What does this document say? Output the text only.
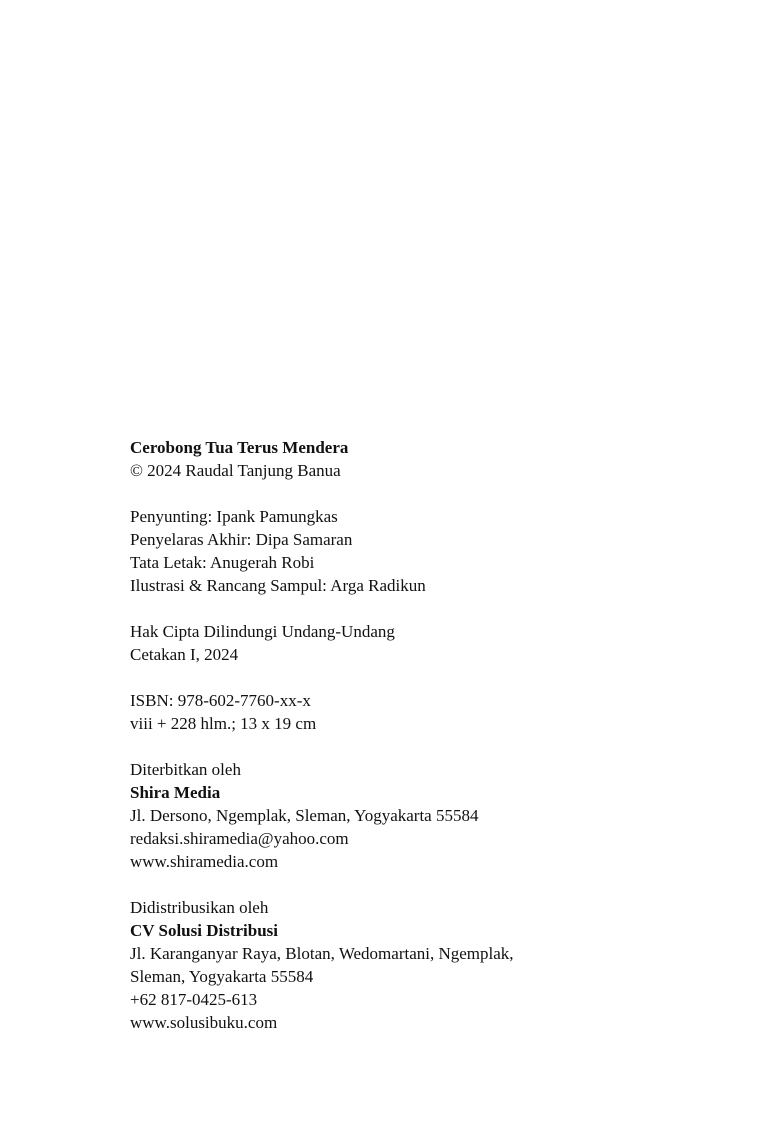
Cerobong Tua Terus Mendera
© 2024 Raudal Tanjung Banua
Penyunting: Ipank Pamungkas
Penyelaras Akhir: Dipa Samaran
Tata Letak: Anugerah Robi
Ilustrasi & Rancang Sampul: Arga Radikun
Hak Cipta Dilindungi Undang-Undang
Cetakan I, 2024
ISBN: 978-602-7760-xx-x
viii + 228 hlm.; 13 x 19 cm
Diterbitkan oleh
Shira Media
Jl. Dersono, Ngemplak, Sleman, Yogyakarta 55584
redaksi.shiramedia@yahoo.com
www.shiramedia.com
Didistribusikan oleh
CV Solusi Distribusi
Jl. Karanganyar Raya, Blotan, Wedomartani, Ngemplak,
Sleman, Yogyakarta 55584
+62 817-0425-613
www.solusibuku.com
